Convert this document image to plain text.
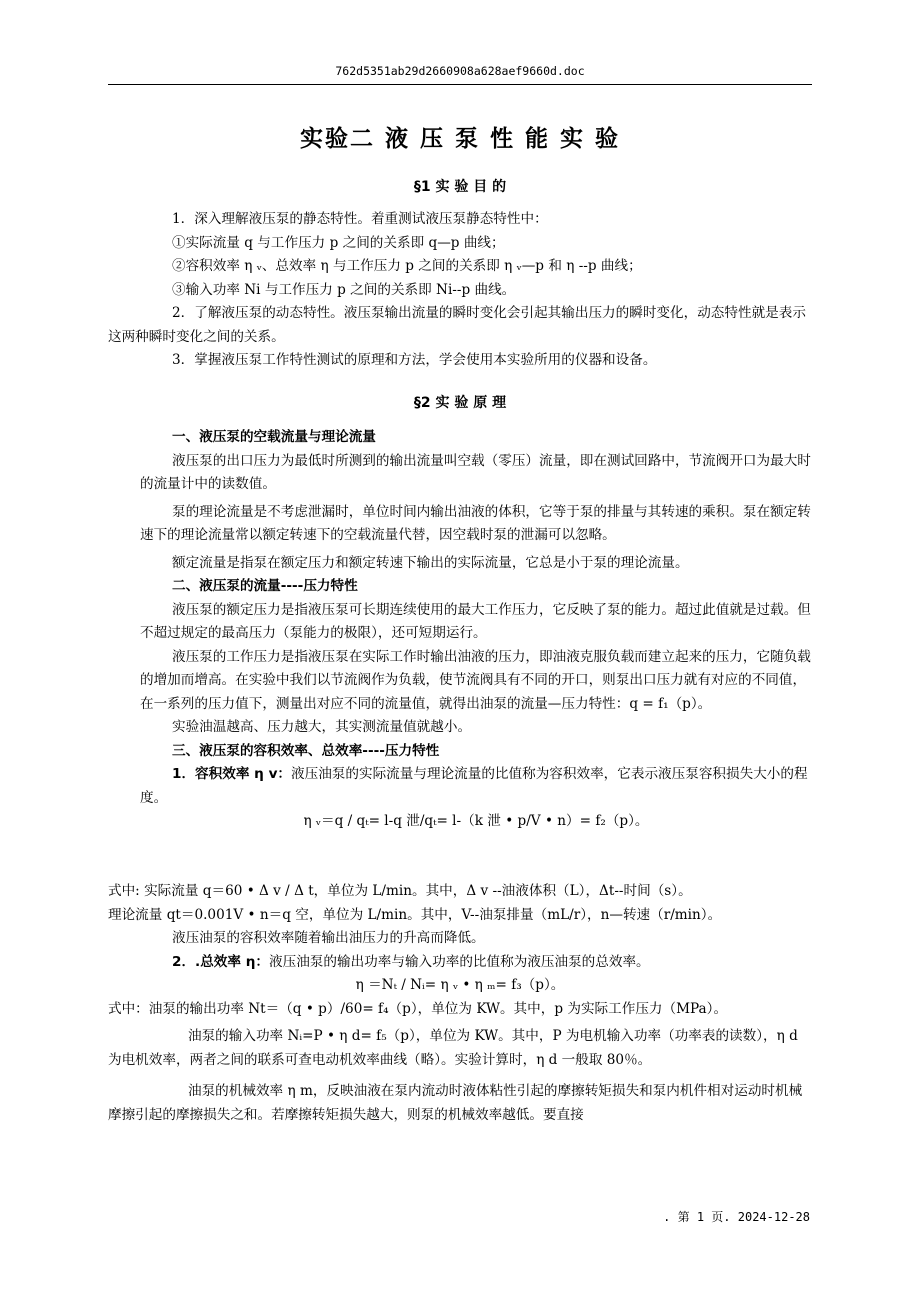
762d5351ab29d2660908a628aef9660d.doc
实验二 液 压 泵 性 能 实 验
§1 实 验 目 的

1．深入理解液压泵的静态特性。着重测试液压泵静态特性中：

①实际流量 q 与工作压力 p 之间的关系即 q—p 曲线；

②容积效率 η ᵥ、总效率 η 与工作压力 p 之间的关系即 η ᵥ—p 和 η --p 曲线；

③输入功率 Ni 与工作压力 p 之间的关系即 Ni--p 曲线。

2．了解液压泵的动态特性。液压泵输出流量的瞬时变化会引起其输出压力的瞬时变化，动态特性就是表示这两种瞬时变化之间的关系。

3．掌握液压泵工作特性测试的原理和方法，学会使用本实验所用的仪器和设备。

§2 实 验 原 理

一、液压泵的空载流量与理论流量

液压泵的出口压力为最低时所测到的输出流量叫空载（零压）流量，即在测试回路中，节流阀开口为最大时的流量计中的读数值。

泵的理论流量是不考虑泄漏时，单位时间内输出油液的体积，它等于泵的排量与其转速的乘积。泵在额定转速下的理论流量常以额定转速下的空载流量代替，因空载时泵的泄漏可以忽略。

额定流量是指泵在额定压力和额定转速下输出的实际流量，它总是小于泵的理论流量。

二、液压泵的流量----压力特性

液压泵的额定压力是指液压泵可长期连续使用的最大工作压力，它反映了泵的能力。超过此值就是过载。但不超过规定的最高压力（泵能力的极限），还可短期运行。

液压泵的工作压力是指液压泵在实际工作时输出油液的压力，即油液克服负载而建立起来的压力，它随负载的增加而增高。在实验中我们以节流阀作为负载，使节流阀具有不同的开口，则泵出口压力就有对应的不同值，在一系列的压力值下，测量出对应不同的流量值，就得出油泵的流量—压力特性：q = f₁（p）。

实验油温越高、压力越大，其实测流量值就越小。

三、液压泵的容积效率、总效率----压力特性

1．容积效率 η v：液压油泵的实际流量与理论流量的比值称为容积效率，它表示液压泵容积损失大小的程度。

η ᵥ＝q / qₜ= l-q 泄/qₜ= l-（k 泄 • p/V • n）= f₂（p）。

式中: 实际流量 q＝60 • Δ v / Δ t，单位为 L/min。其中，Δ v --油液体积（L），Δt--时间（s）。

理论流量 qt＝0.001V • n＝q 空，单位为 L/min。其中，V--油泵排量（mL/r），n—转速（r/min）。

液压油泵的容积效率随着输出油压力的升高而降低。

2．.总效率 η：液压油泵的输出功率与输入功率的比值称为液压油泵的总效率。

η ＝Nₜ / Nᵢ= η ᵥ • η ₘ= f₃（p）。

式中：油泵的输出功率 Nt＝（q • p）/60= f₄（p），单位为 KW。其中，p 为实际工作压力（MPa）。

油泵的输入功率 Nᵢ=P • η d= f₅（p），单位为 KW。其中，P 为电机输入功率（功率表的读数），η d 为电机效率，两者之间的联系可查电动机效率曲线（略）。实验计算时，η d 一般取 80％。

油泵的机械效率 η m，反映油液在泵内流动时液体粘性引起的摩擦转矩损失和泵内机件相对运动时机械摩擦引起的摩擦损失之和。若摩擦转矩损失越大，则泵的机械效率越低。要直接

. 第 1 页. 2024-12-28
